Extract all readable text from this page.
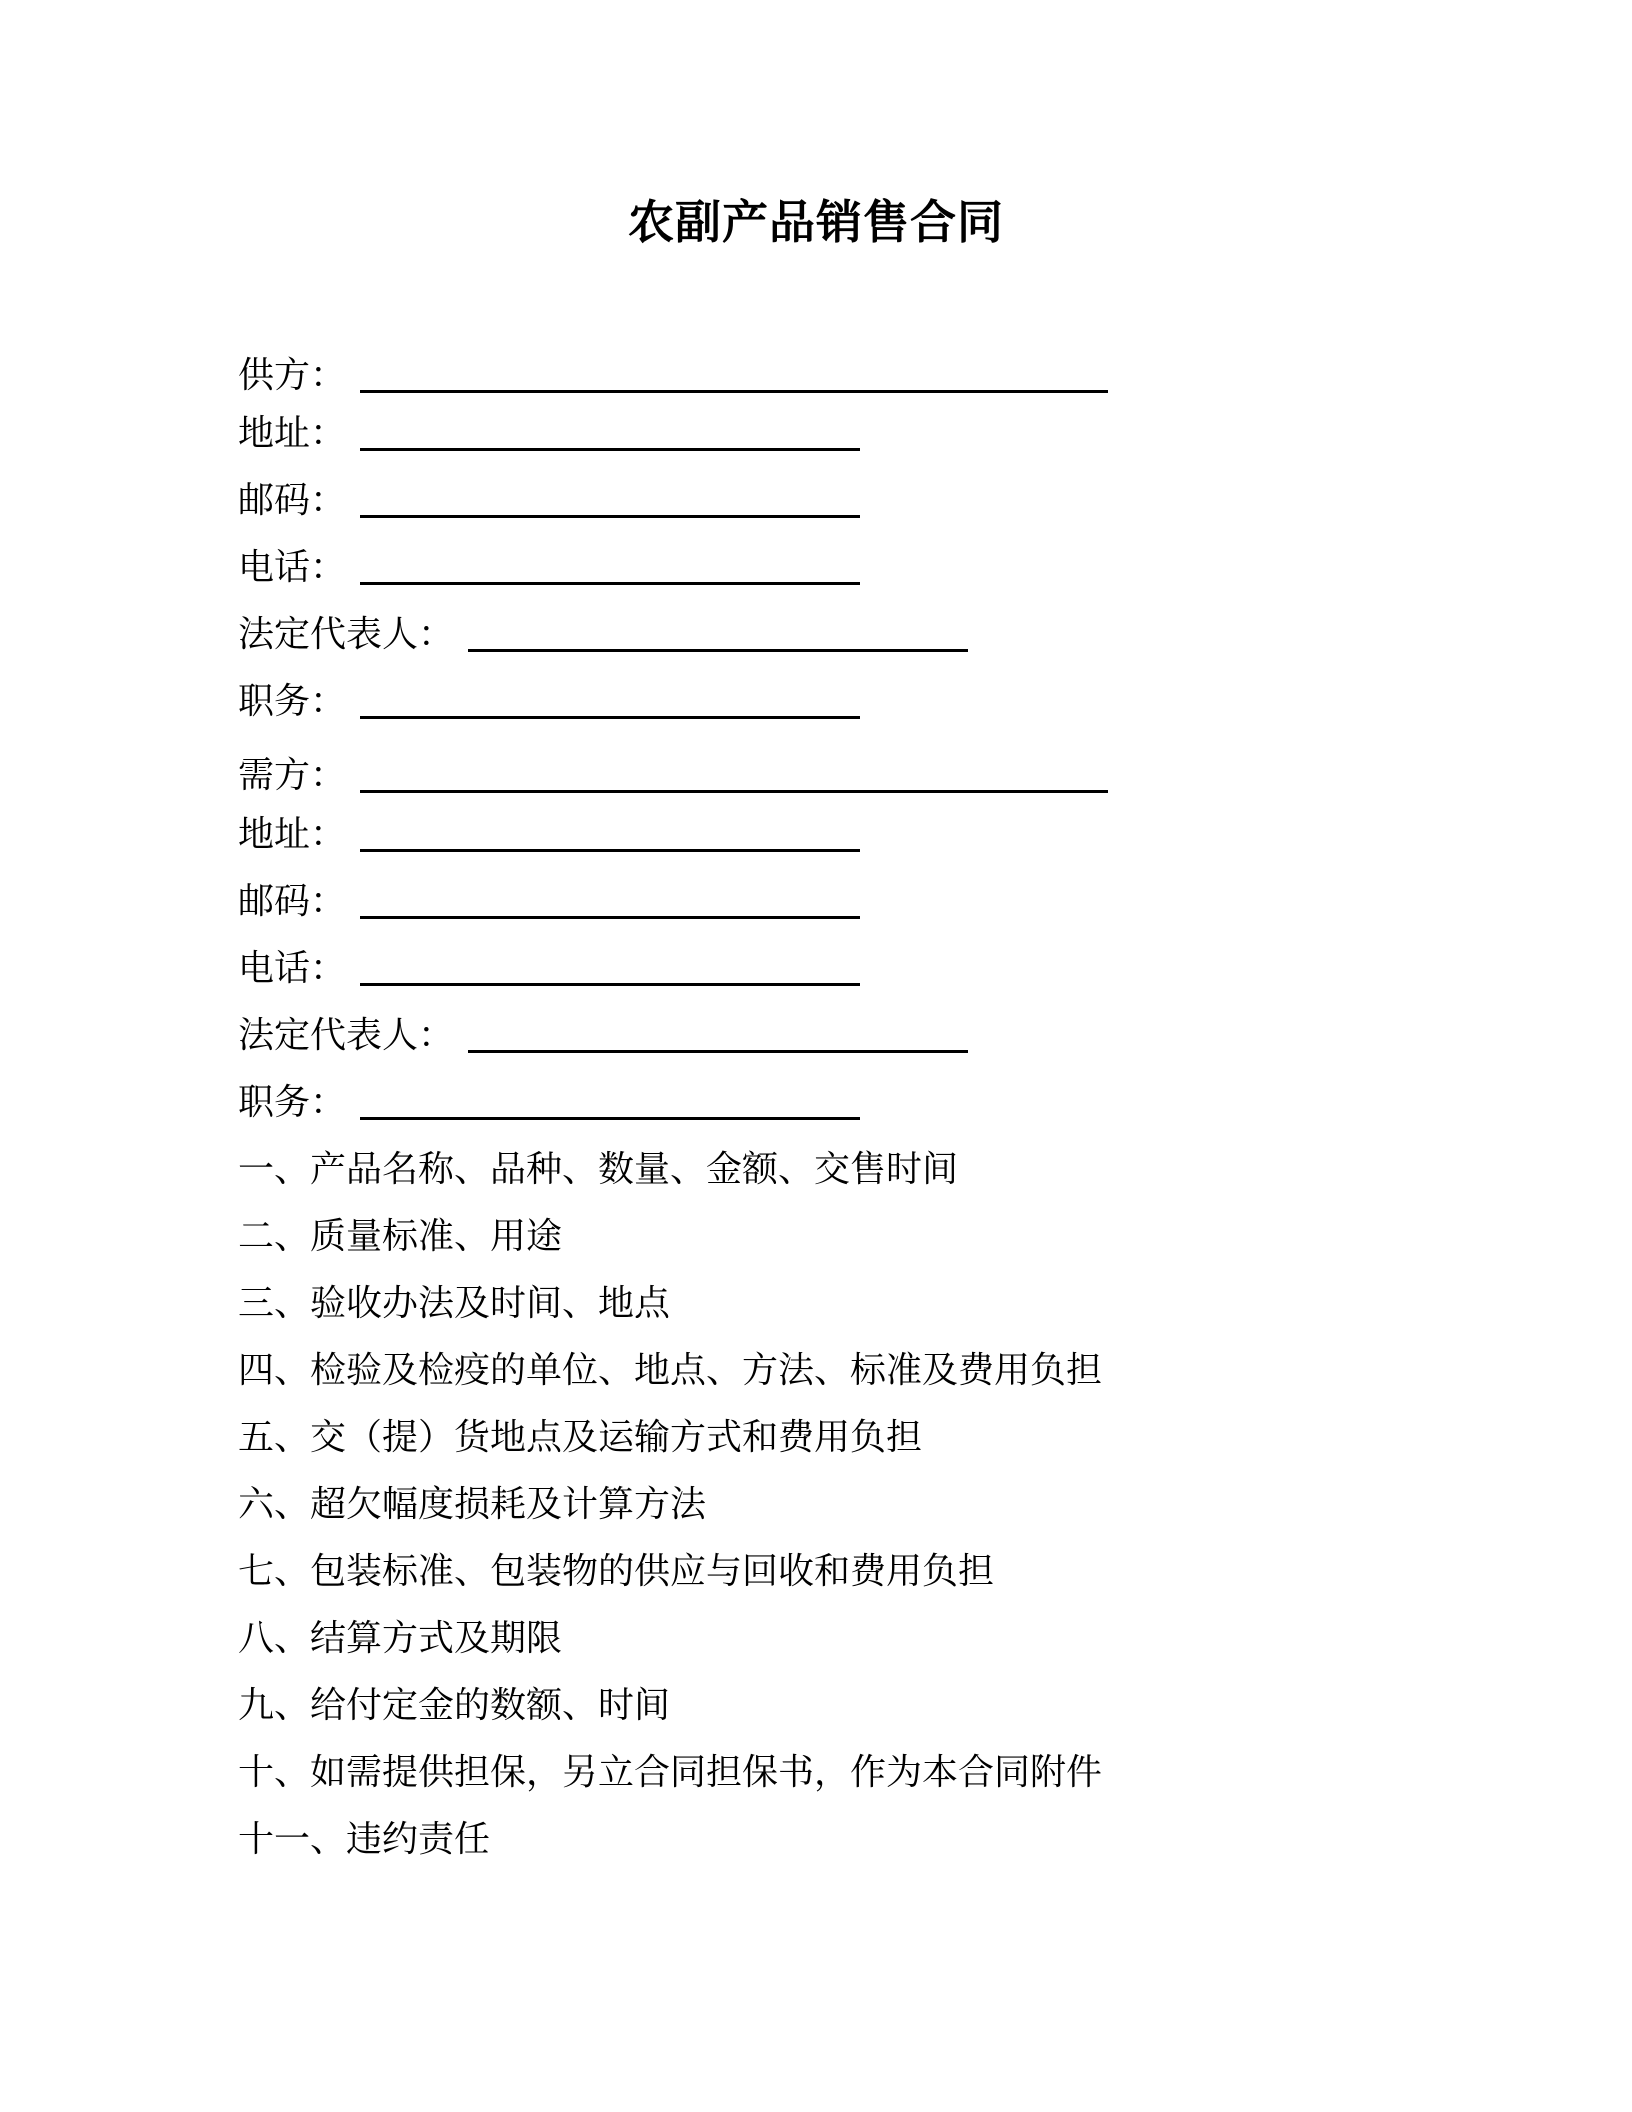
农副产品销售合同
供方：
地址：
邮码：
电话：
法定代表人：
职务：
需方：
地址：
邮码：
电话：
法定代表人：
职务：
一、产品名称、品种、数量、金额、交售时间
二、质量标准、用途
三、验收办法及时间、地点
四、检验及检疫的单位、地点、方法、标准及费用负担
五、交（提）货地点及运输方式和费用负担
六、超欠幅度损耗及计算方法
七、包装标准、包装物的供应与回收和费用负担
八、结算方式及期限
九、给付定金的数额、时间
十、如需提供担保，另立合同担保书，作为本合同附件
十一、违约责任
